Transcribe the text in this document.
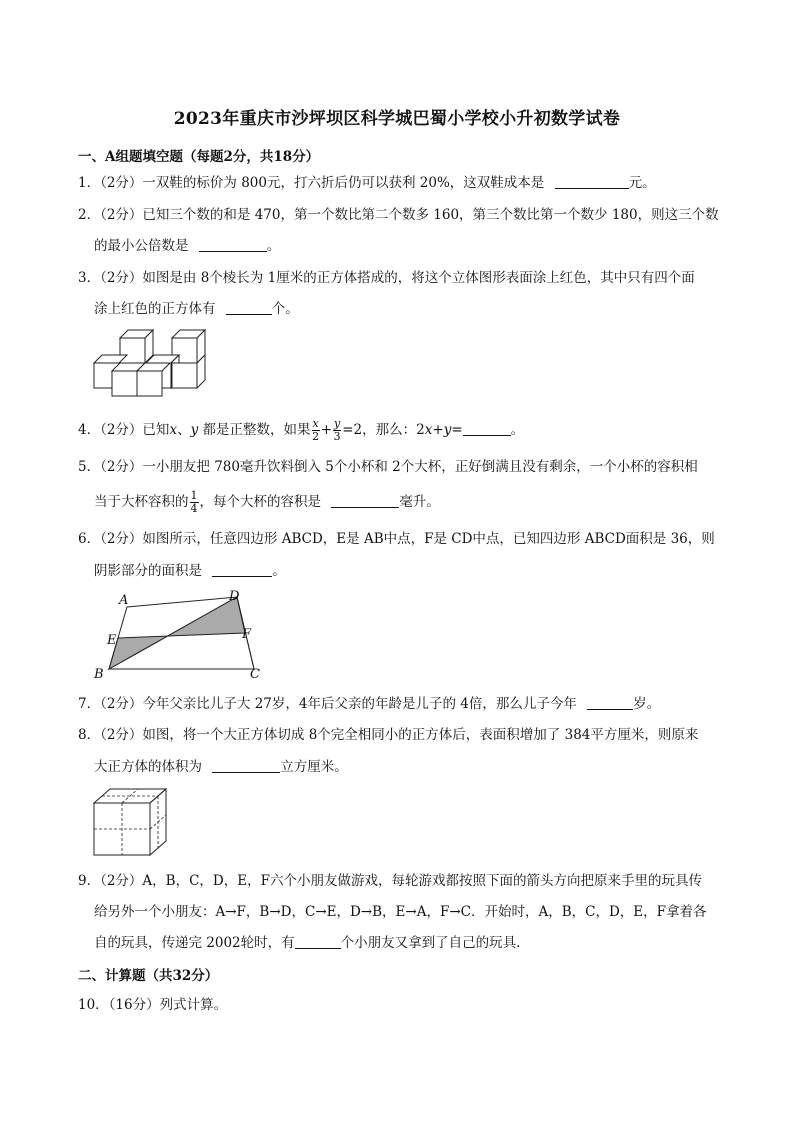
2023年重庆市沙坪坝区科学城巴蜀小学校小升初数学试卷
一、A组题填空题（每题2分，共18分）
1．（2分）一双鞋的标价为 800元，打六折后仍可以获利 20%，这双鞋成本是	元。
2．（2分）已知三个数的和是 470，第一个数比第二个数多 160，第三个数比第一个数少 180，则这三个数
的最小公倍数是	。
3．（2分）如图是由 8个棱长为 1厘米的正方体搭成的，将这个立体图形表面涂上红色，其中只有四个面
涂上红色的正方体有	个。
4．（2分）已知x、y 都是正整数，如果 $\frac{x}{2} + \frac{y}{3} =2$，那么：2x+y=	。
5．（2分）一小朋友把 780毫升饮料倒入 5个小杯和 2个大杯，正好倒满且没有剩余，一个小杯的容积相
当于大杯容积的 $\frac{1}{4}$ ，每个大杯的容积是	毫升。
6．（2分）如图所示，任意四边形 ABCD，E是 AB中点，F是 CD中点，已知四边形 ABCD面积是 36，则
阴影部分的面积是	。
A	D
E	F
B	C
7．（2分）今年父亲比儿子大 27岁，4年后父亲的年龄是儿子的 4倍，那么儿子今年	岁。
8．（2分）如图，将一个大正方体切成 8个完全相同小的正方体后，表面积增加了 384平方厘米，则原来
大正方体的体积为	立方厘米。
9．（2分）A，B，C，D，E，F六个小朋友做游戏，每轮游戏都按照下面的箭头方向把原来手里的玩具传
给另外一个小朋友：A→F，B→D，C→E，D→B，E→A，F→C．开始时，A，B，C，D，E，F拿着各
自的玩具，传递完 2002轮时，有	个小朋友又拿到了自己的玩具．
二、计算题（共32分）
10．（16分）列式计算。
